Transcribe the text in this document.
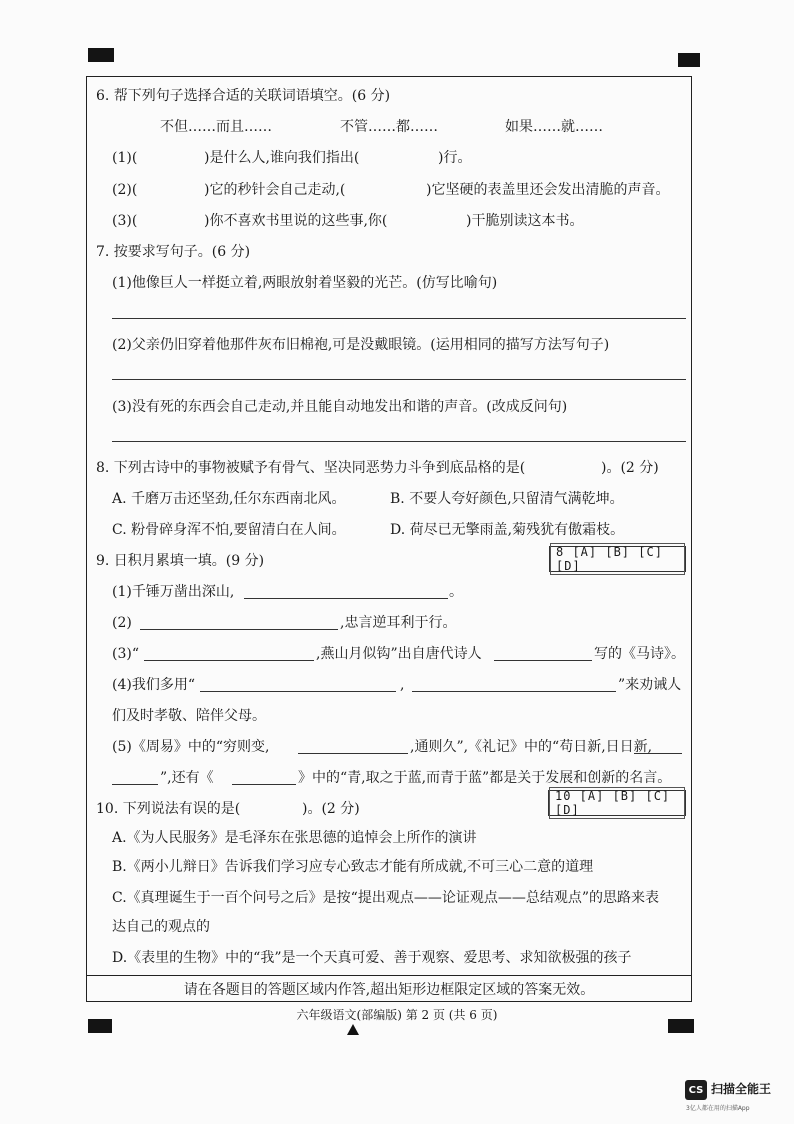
6. 帮下列句子选择合适的关联词语填空。(6 分)
不但……而且……	不管……都……	如果……就……
(1)(	)是什么人,谁向我们指出(	)行。
(2)(	)它的秒针会自己走动,(	)它坚硬的表盖里还会发出清脆的声音。
(3)(	)你不喜欢书里说的这些事,你(	)干脆别读这本书。
7. 按要求写句子。(6 分)
(1)他像巨人一样挺立着,两眼放射着坚毅的光芒。(仿写比喻句)
(2)父亲仍旧穿着他那件灰布旧棉袍,可是没戴眼镜。(运用相同的描写方法写句子)
(3)没有死的东西会自己走动,并且能自动地发出和谐的声音。(改成反问句)
8. 下列古诗中的事物被赋予有骨气、坚决同恶势力斗争到底品格的是(	)。(2 分)
A. 千磨万击还坚劲,任尔东西南北风。	B. 不要人夸好颜色,只留清气满乾坤。
C. 粉骨碎身浑不怕,要留清白在人间。	D. 荷尽已无擎雨盖,菊残犹有傲霜枝。
9. 日积月累填一填。(9 分)
8 [A] [B] [C] [D]
(1)千锤万凿出深山,	。
(2)	,忠言逆耳利于行。
(3)“	,燕山月似钩”出自唐代诗人	写的《马诗》。
(4)我们多用“	,	”来劝诫人
们及时孝敬、陪伴父母。
(5)《周易》中的“穷则变,	,通则久”,《礼记》中的“苟日新,日日新,
”,还有《	》中的“青,取之于蓝,而青于蓝”都是关于发展和创新的名言。
10. 下列说法有误的是(	)。(2 分)
10 [A] [B] [C] [D]
A.《为人民服务》是毛泽东在张思德的追悼会上所作的演讲
B.《两小儿辩日》告诉我们学习应专心致志才能有所成就,不可三心二意的道理
C.《真理诞生于一百个问号之后》是按“提出观点——论证观点——总结观点”的思路来表
达自己的观点的
D.《表里的生物》中的“我”是一个天真可爱、善于观察、爱思考、求知欲极强的孩子
请在各题目的答题区域内作答,超出矩形边框限定区域的答案无效。
六年级语文(部编版) 第 2 页 (共 6 页)
CS 扫描全能王
3亿人都在用的扫描App
